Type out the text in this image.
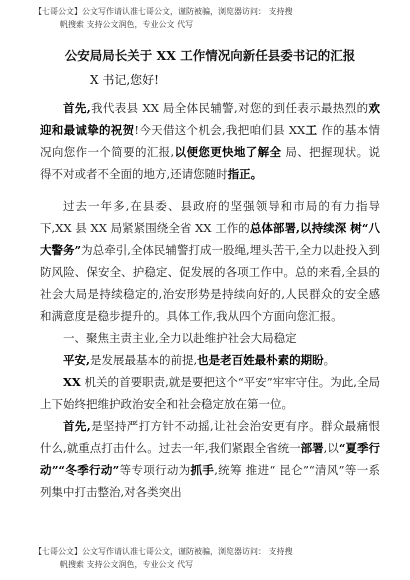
【七哥公文】公文写作请认准七哥公文，谨防被骗，浏览器访问： 支持搜
帆搜索 支持公文润色，专业公文 代写
公安局局长关于 XX 工作情况向新任县委书记的汇报

X 书记,您好!

首先,我代表县 XX 局全体民辅警,对您的到任表示最热烈的欢迎和最诚挚的祝贺!今天借这个机会,我把咱们县 XX工 作的基本情况向您作一个简要的汇报,以便您更快地了解全 局、把握现状。说得不对或者不全面的地方,还请您随时指正。

过去一年多,在县委、县政府的坚强领导和市局的有力指导下,XX 县 XX 局紧紧围绕全省 XX 工作的总体部署,以持续深 树“八大警务”为总牵引,全体民辅警打成一股绳,埋头苦干,全力以赴投入到防风险、保安全、护稳定、促发展的各项工作中。总的来看,全县的社会大局是持续稳定的,治安形势是持续向好的,人民群众的安全感和满意度是稳步提升的。具体工作,我从四个方面向您汇报。

一、聚焦主责主业,全力以赴维护社会大局稳定

平安,是发展最基本的前提,也是老百姓最朴素的期盼。

XX 机关的首要职责,就是要把这个“平安”牢牢守住。为此,全局上下始终把维护政治安全和社会稳定放在第一位。

首先,是坚持严打方针不动摇,让社会治安更有序。群众最痛恨什么,就重点打击什么。过去一年,我们紧跟全省统一部署,以“夏季行动”“冬季行动”等专项行动为抓手,统筹 推进“ 昆仑”“清风”等一系列集中打击整治,对各类突出

【七哥公文】公文写作请认准七哥公文，谨防被骗，浏览器访问： 支持搜
帆搜索 支持公文润色，专业公文 代写
